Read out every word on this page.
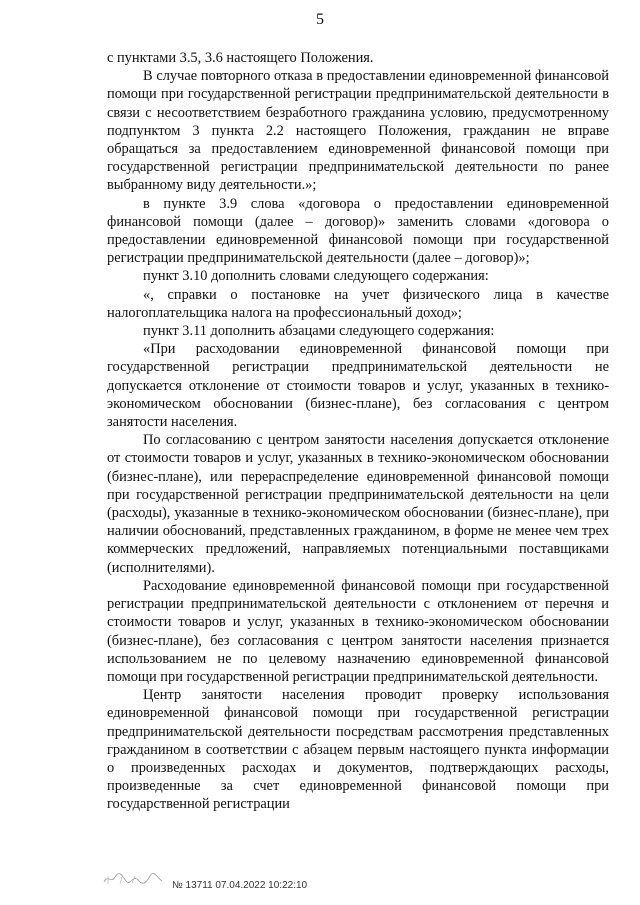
5

с пунктами 3.5, 3.6 настоящего Положения.

В случае повторного отказа в предоставлении единовременной финансовой помощи при государственной регистрации предпринимательской деятельности в связи с несоответствием безработного гражданина условию, предусмотренному подпунктом 3 пункта 2.2 настоящего Положения, гражданин не вправе обращаться за предоставлением единовременной финансовой помощи при государственной регистрации предпринимательской деятельности по ранее выбранному виду деятельности.»;

в пункте 3.9 слова «договора о предоставлении единовременной финансовой помощи (далее – договор)» заменить словами «договора о предоставлении единовременной финансовой помощи при государственной регистрации предпринимательской деятельности (далее – договор)»;

пункт 3.10 дополнить словами следующего содержания:

«, справки о постановке на учет физического лица в качестве налогоплательщика налога на профессиональный доход»;

пункт 3.11 дополнить абзацами следующего содержания:

«При расходовании единовременной финансовой помощи при государственной регистрации предпринимательской деятельности не допускается отклонение от стоимости товаров и услуг, указанных в технико-экономическом обосновании (бизнес-плане), без согласования с центром занятости населения.

По согласованию с центром занятости населения допускается отклонение от стоимости товаров и услуг, указанных в технико-экономическом обосновании (бизнес-плане), или перераспределение единовременной финансовой помощи при государственной регистрации предпринимательской деятельности на цели (расходы), указанные в технико-экономическом обосновании (бизнес-плане), при наличии обоснований, представленных гражданином, в форме не менее чем трех коммерческих предложений, направляемых потенциальными поставщиками (исполнителями).

Расходование единовременной финансовой помощи при государственной регистрации предпринимательской деятельности с отклонением от перечня и стоимости товаров и услуг, указанных в технико-экономическом обосновании (бизнес-плане), без согласования с центром занятости населения признается использованием не по целевому назначению единовременной финансовой помощи при государственной регистрации предпринимательской деятельности.

Центр занятости населения проводит проверку использования единовременной финансовой помощи при государственной регистрации предпринимательской деятельности посредствам рассмотрения представленных гражданином в соответствии с абзацем первым настоящего пункта информации о произведенных расходах и документов, подтверждающих расходы, произведенные за счет единовременной финансовой помощи при государственной регистрации

№ 13711 07.04.2022 10:22:10
